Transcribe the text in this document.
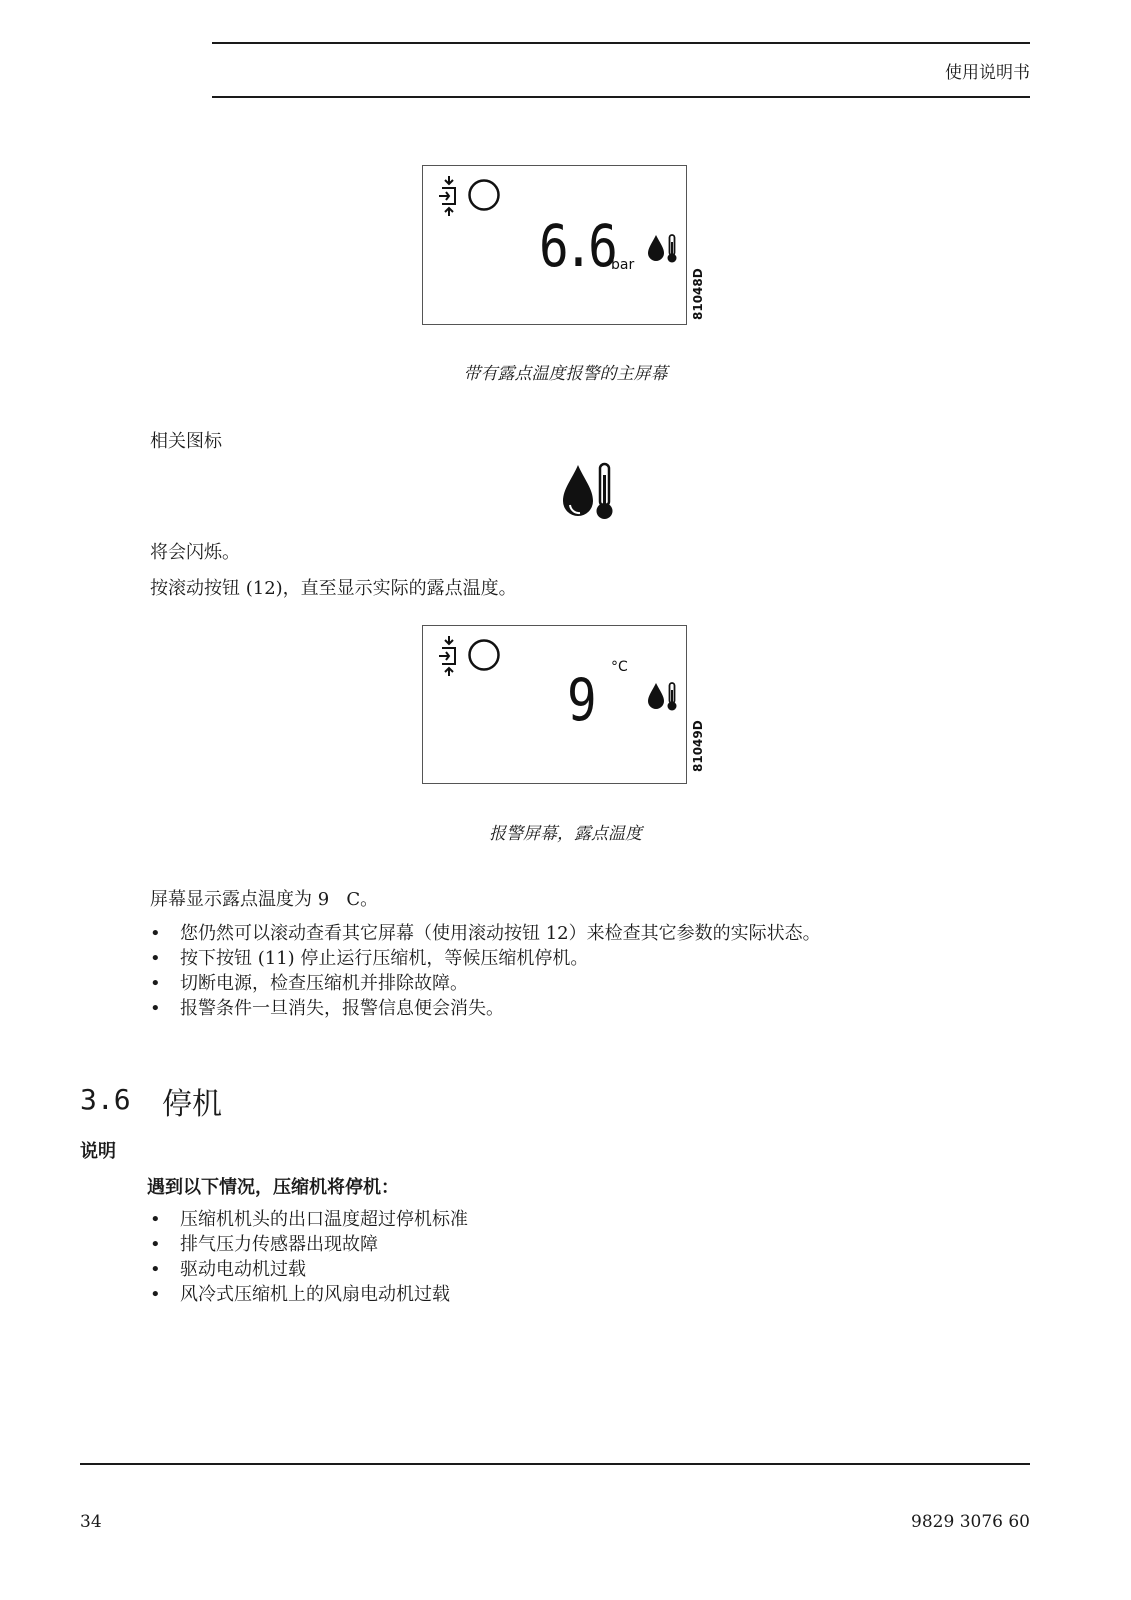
使用说明书
6.6
bar
81048D
带有露点温度报警的主屏幕
相关图标
将会闪烁。
按滚动按钮 (12)，直至显示实际的露点温度。
°C
9
81049D
报警屏幕，露点温度
屏幕显示露点温度为 9   C。
• 您仍然可以滚动查看其它屏幕（使用滚动按钮 12）来检查其它参数的实际状态。
• 按下按钮 (11) 停止运行压缩机，等候压缩机停机。
• 切断电源，检查压缩机并排除故障。
• 报警条件一旦消失，报警信息便会消失。
3.6 停机
说明
遇到以下情况，压缩机将停机：
• 压缩机机头的出口温度超过停机标准
• 排气压力传感器出现故障
• 驱动电动机过载
• 风冷式压缩机上的风扇电动机过载
34	9829 3076 60
